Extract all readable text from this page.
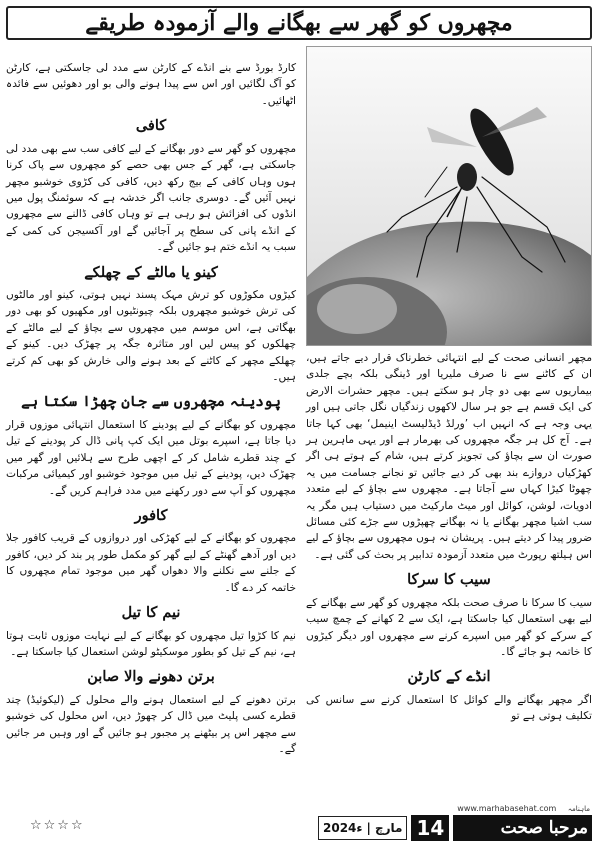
مچھروں کو گھر سے بھگانے والے آزمودہ طریقے

کارڈ بورڈ سے بنے انڈے کے کارٹن سے مدد لی جاسکتی ہے، کارٹن کو آگ لگائیں اور اس سے پیدا ہونے والی بو اور دھوئیں سے فائدہ اٹھائیں۔

کافی

مچھروں کو گھر سے دور بھگانے کے لیے کافی سب سے بھی مدد لی جاسکتی ہے، گھر کے جس بھی حصے کو مچھروں سے پاک کرنا ہوں وہاں کافی کے بیج رکھ دیں، کافی کی کڑوی خوشبو مچھر نہیں آئیں گے۔ دوسری جانب اگر خدشہ ہے کہ سوئمنگ پول میں انڈوں کی افزائش ہو رہی ہے تو وہاں کافی ڈالنے سے مچھروں کے انڈے پانی کی سطح پر آجائیں گے اور آکسیجن کی کمی کے سبب یہ انڈے ختم ہو جائیں گے۔

کینو یا مالٹے کے چھلکے

کیڑوں مکوڑوں کو ترش مہک پسند نہیں ہوتی، کینو اور مالٹوں کی ترش خوشبو مچھروں بلکہ چیونٹیوں اور مکھیوں کو بھی دور بھگاتی ہے، اس موسم میں مچھروں سے بچاؤ کے لیے مالٹے کے چھلکوں کو پیس لیں اور متاثرہ جگہ پر چھڑک دیں۔ کینو کے چھلکے مچھر کے کاٹنے کے بعد ہونے والی خارش کو بھی کم کرتے ہیں۔

پودینہ مچھروں سے جان چھڑا سکتا ہے

مچھروں کو بھگانے کے لیے پودینے کا استعمال انتہائی موزوں قرار دیا جاتا ہے، اسپرے بوتل میں ایک کپ پانی ڈال کر پودینے کے تیل کے چند قطرے شامل کر کے اچھی طرح سے ہلائیں اور گھر میں چھڑک دیں، پودینے کے تیل میں موجود خوشبو اور کیمیائی مرکبات مچھروں کو آپ سے دور رکھنے میں مدد فراہم کریں گے۔

کافور

مچھروں کو بھگانے کے لیے کھڑکی اور دروازوں کے قریب کافور جلا دیں اور آدھے گھنٹے کے لیے گھر کو مکمل طور پر بند کر دیں، کافور کے جلنے سے نکلنے والا دھواں گھر میں موجود تمام مچھروں کا خاتمہ کر دے گا۔

نیم کا تیل

نیم کا کڑوا تیل مچھروں کو بھگانے کے لیے نہایت موزوں ثابت ہوتا ہے، نیم کے تیل کو بطور موسکیٹو لوشن استعمال کیا جاسکتا ہے۔

برتن دھونے والا صابن

برتن دھونے کے لیے استعمال ہونے والے محلول کے (لیکوئیڈ) چند قطرے کسی پلیٹ میں ڈال کر چھوڑ دیں، اس محلول کی خوشبو سے مچھر اس پر بیٹھنے پر مجبور ہو جائیں گے اور وہیں مر جائیں گے۔

☆☆☆☆

مچھر انسانی صحت کے لیے انتہائی خطرناک قرار دیے جاتے ہیں، ان کے کاٹنے سے نا صرف ملیریا اور ڈینگی بلکہ بچے جلدی بیماریوں سے بھی دو چار ہو سکتے ہیں۔ مچھر حشرات الارض کی ایک قسم ہے جو ہر سال لاکھوں زندگیاں نگل جاتی ہیں اور یہی وجہ ہے کہ انہیں اب ’ورلڈ ڈیڈلیسٹ اینیمل‘ بھی کہا جاتا ہے۔ آج کل ہر جگہ مچھروں کی بھرمار ہے اور یہی ماہرین ہر صورت ان سے بچاؤ کی تجویز کرتے ہیں، شام کے ہوتے ہی اگر کھڑکیاں دروازے بند بھی کر دیے جائیں تو نجانے جسامت میں یہ چھوٹا کیڑا کہاں سے آجاتا ہے۔ مچھروں سے بچاؤ کے لیے متعدد ادویات، لوشن، کوائل اور میٹ مارکیٹ میں دستیاب ہیں مگر یہ سب اشیا مچھر بھگانے یا نہ بھگانے چھپڑوں سے جڑے کئی مسائل ضرور پیدا کر دیتے ہیں۔ پریشان نہ ہوں مچھروں سے بچاؤ کے لیے اس ہیلتھ رپورٹ میں متعدد آزمودہ تدابیر پر بحث کی گئی ہے۔

سیب کا سرکا

سیب کا سرکا نا صرف صحت بلکہ مچھروں کو گھر سے بھگانے کے لیے بھی استعمال کیا جاسکتا ہے، ایک سے 2 کھانے کے چمچ سیب کے سرکے کو گھر میں اسپرے کرنے سے مچھروں اور دیگر کیڑوں کا خاتمہ ہو جائے گا۔

انڈے کے کارٹن

اگر مچھر بھگانے والے کوائل کا استعمال کرنے سے سانس کی تکلیف ہوتی ہے تو

2024ء | مارچ 14
www.marhabasehat.com ماہنامہ
مرحبا صحت
